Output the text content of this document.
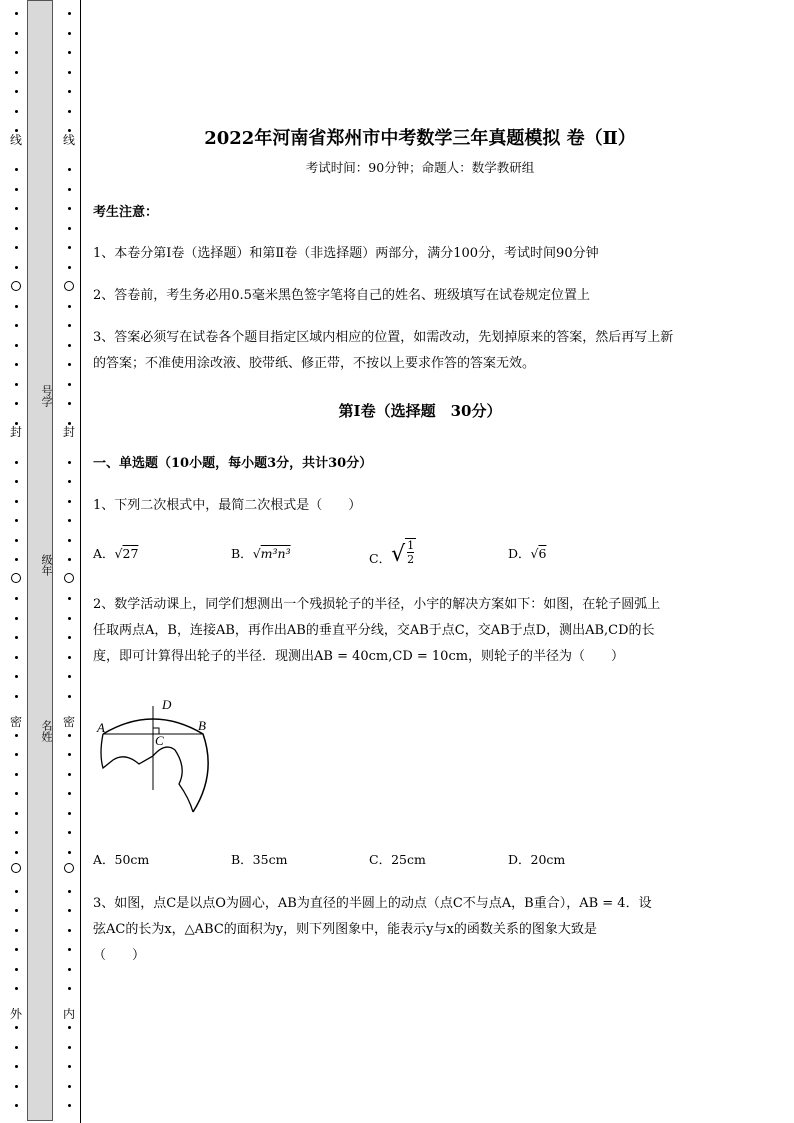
线
封
密
外
号学
级年
名姓
线
封
密
内
2022年河南省郑州市中考数学三年真题模拟 卷（Ⅱ）
考试时间：90分钟；命题人：数学教研组
考生注意：
1、本卷分第Ⅰ卷（选择题）和第Ⅱ卷（非选择题）两部分，满分100分，考试时间90分钟
2、答卷前，考生务必用0.5毫米黑色签字笔将自己的姓名、班级填写在试卷规定位置上
3、答案必须写在试卷各个题目指定区域内相应的位置，如需改动，先划掉原来的答案，然后再写上新
的答案；不准使用涂改液、胶带纸、修正带，不按以上要求作答的答案无效。
第Ⅰ卷（选择题　30分）
一、单选题（10小题，每小题3分，共计30分）
1、下列二次根式中，最简二次根式是（　　）
A．√27	B．√m³n³	C．√ $\frac{1}{2}$	D．√6
2、数学活动课上，同学们想测出一个残损轮子的半径，小宇的解决方案如下：如图，在轮子圆弧上
任取两点A，B，连接AB，再作出AB的垂直平分线，交AB于点C，交AB于点D，测出AB,CD的长
度，即可计算得出轮子的半径．现测出AB = 40cm,CD = 10cm，则轮子的半径为（　　）
A	B
C
D
A．50cm	B．35cm	C．25cm	D．20cm
3、如图，点C是以点O为圆心，AB为直径的半圆上的动点（点C不与点A，B重合），AB = 4．设
弦AC的长为x，△ABC的面积为y，则下列图象中，能表示y与x的函数关系的图象大致是
（　　）
